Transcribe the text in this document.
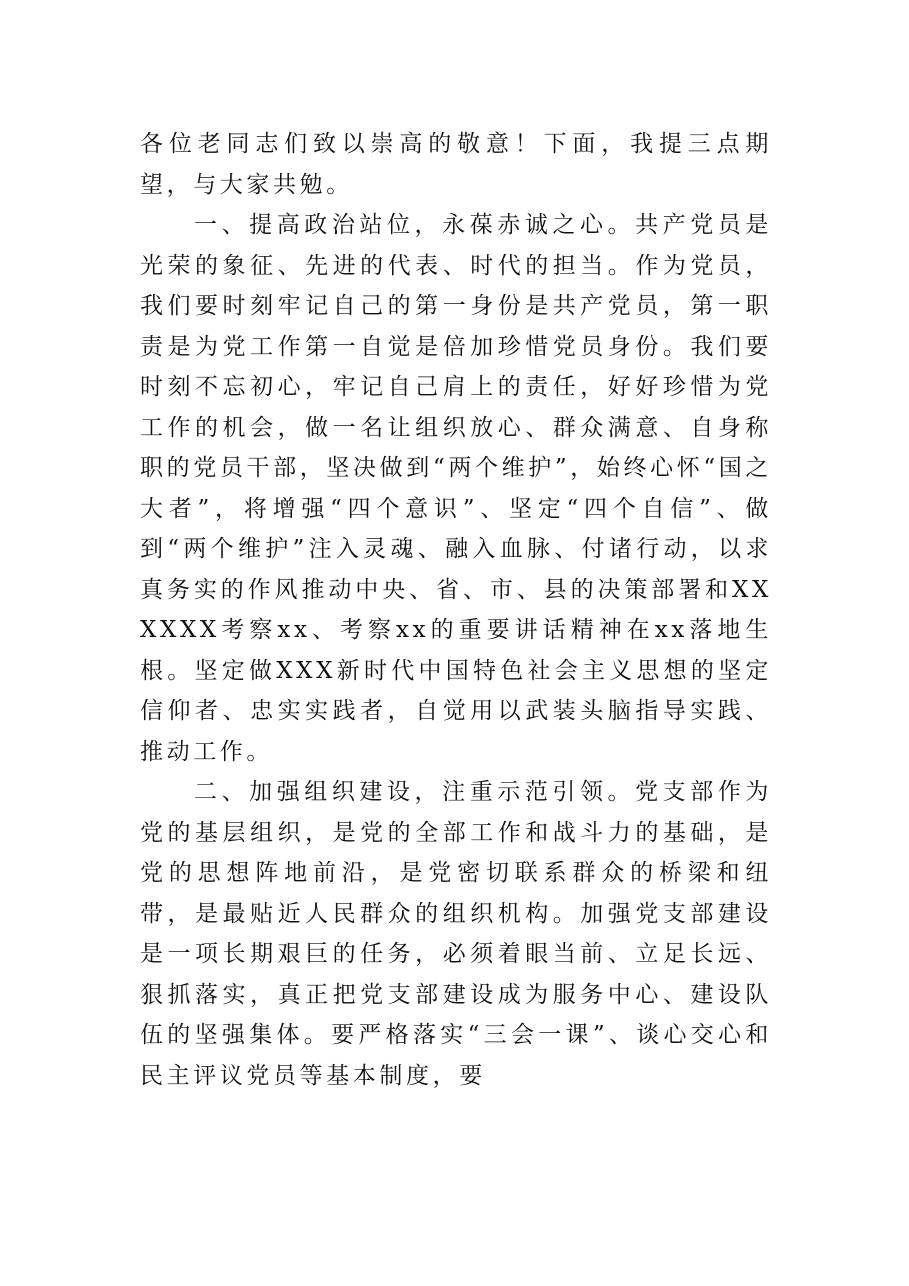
各位老同志们致以崇高的敬意！下面，我提三点期望，与大家共勉。

一、提高政治站位，永葆赤诚之心。共产党员是光荣的象征、先进的代表、时代的担当。作为党员，我们要时刻牢记自己的第一身份是共产党员，第一职责是为党工作第一自觉是倍加珍惜党员身份。我们要时刻不忘初心，牢记自己肩上的责任，好好珍惜为党工作的机会，做一名让组织放心、群众满意、自身称职的党员干部，坚决做到“两个维护”，始终心怀“国之大者”，将增强“四个意识”、坚定“四个自信”、做到“两个维护”注入灵魂、融入血脉、付诸行动，以求真务实的作风推动中央、省、市、县的决策部署和XXXXXX考察xx、考察xx的重要讲话精神在xx落地生根。坚定做XXX新时代中国特色社会主义思想的坚定信仰者、忠实实践者，自觉用以武装头脑指导实践、推动工作。

二、加强组织建设，注重示范引领。党支部作为党的基层组织，是党的全部工作和战斗力的基础，是党的思想阵地前沿，是党密切联系群众的桥梁和纽带，是最贴近人民群众的组织机构。加强党支部建设是一项长期艰巨的任务，必须着眼当前、立足长远、狠抓落实，真正把党支部建设成为服务中心、建设队伍的坚强集体。要严格落实“三会一课”、谈心交心和民主评议党员等基本制度，要
